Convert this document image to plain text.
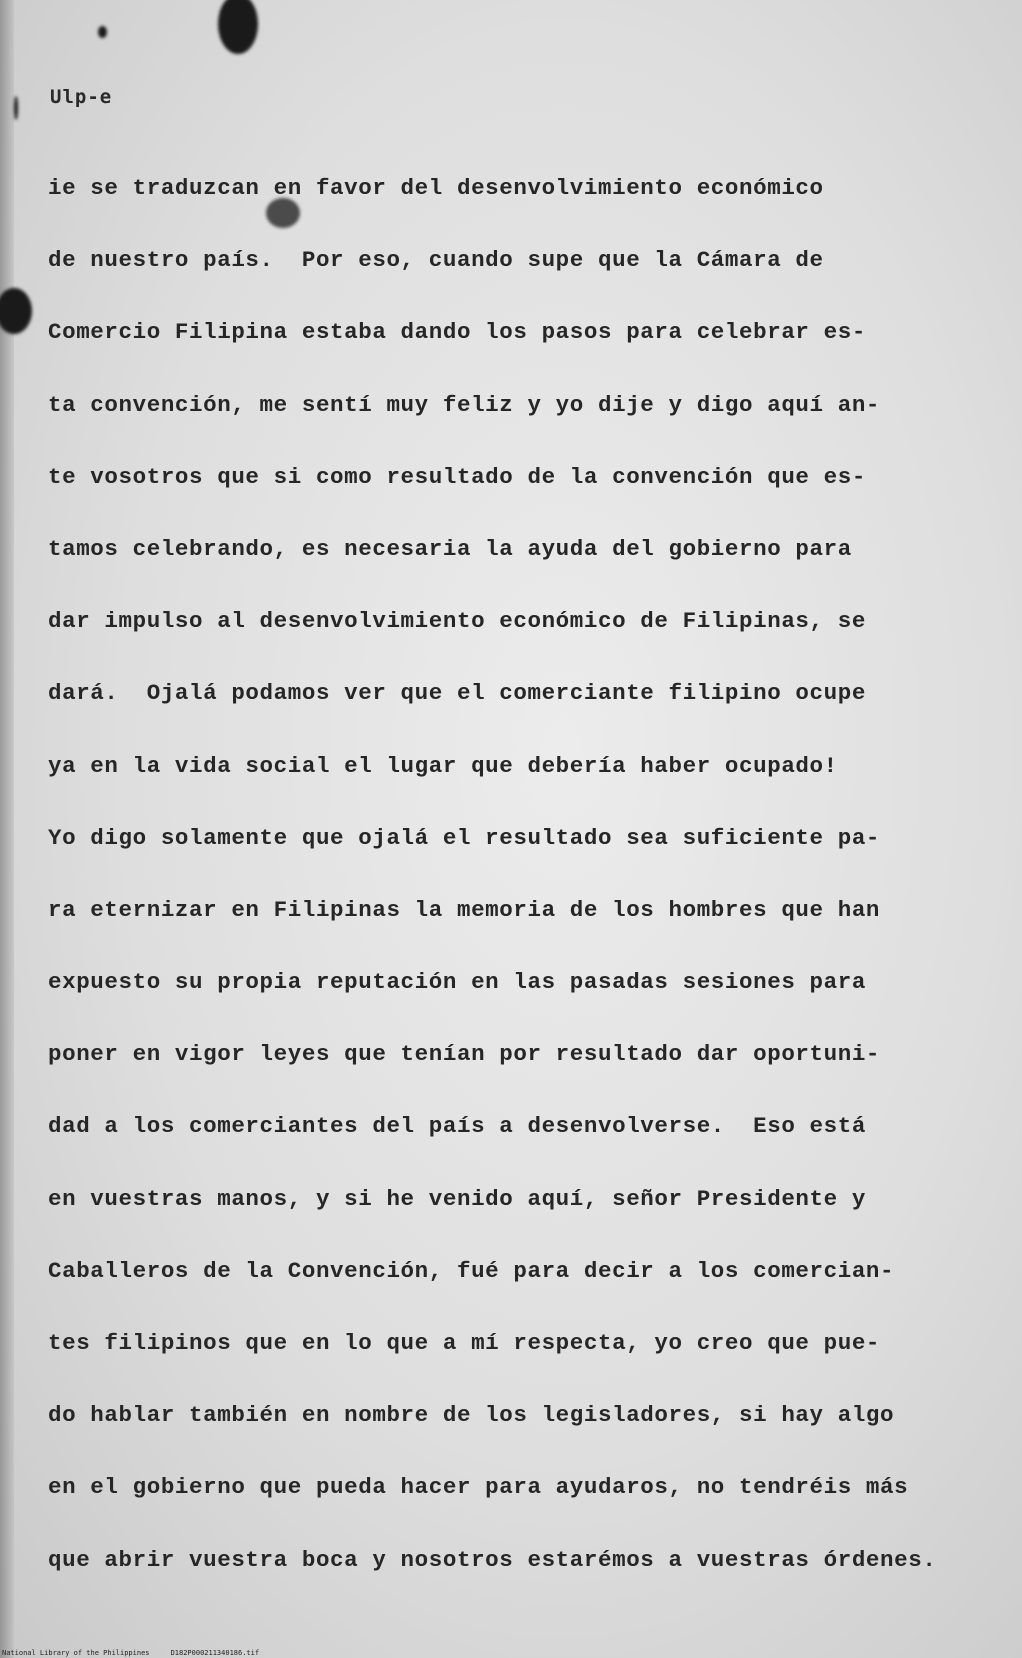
Ulp-e
ie se traduzcan en favor del desenvolvimiento económico
de nuestro país.  Por eso, cuando supe que la Cámara de
Comercio Filipina estaba dando los pasos para celebrar es-
ta convención, me sentí muy feliz y yo dije y digo aquí an-
te vosotros que si como resultado de la convención que es-
tamos celebrando, es necesaria la ayuda del gobierno para
dar impulso al desenvolvimiento económico de Filipinas, se
dará.  Ojalá podamos ver que el comerciante filipino ocupe
ya en la vida social el lugar que debería haber ocupado!
Yo digo solamente que ojalá el resultado sea suficiente pa-
ra eternizar en Filipinas la memoria de los hombres que han
expuesto su propia reputación en las pasadas sesiones para
poner en vigor leyes que tenían por resultado dar oportuni-
dad a los comerciantes del país a desenvolverse.  Eso está
en vuestras manos, y si he venido aquí, señor Presidente y
Caballeros de la Convención, fué para decir a los comercian-
tes filipinos que en lo que a mí respecta, yo creo que pue-
do hablar también en nombre de los legisladores, si hay algo
en el gobierno que pueda hacer para ayudaros, no tendréis más
que abrir vuestra boca y nosotros estarémos a vuestras órdenes.
National Library of the Philippines     D182P000211340186.tif
